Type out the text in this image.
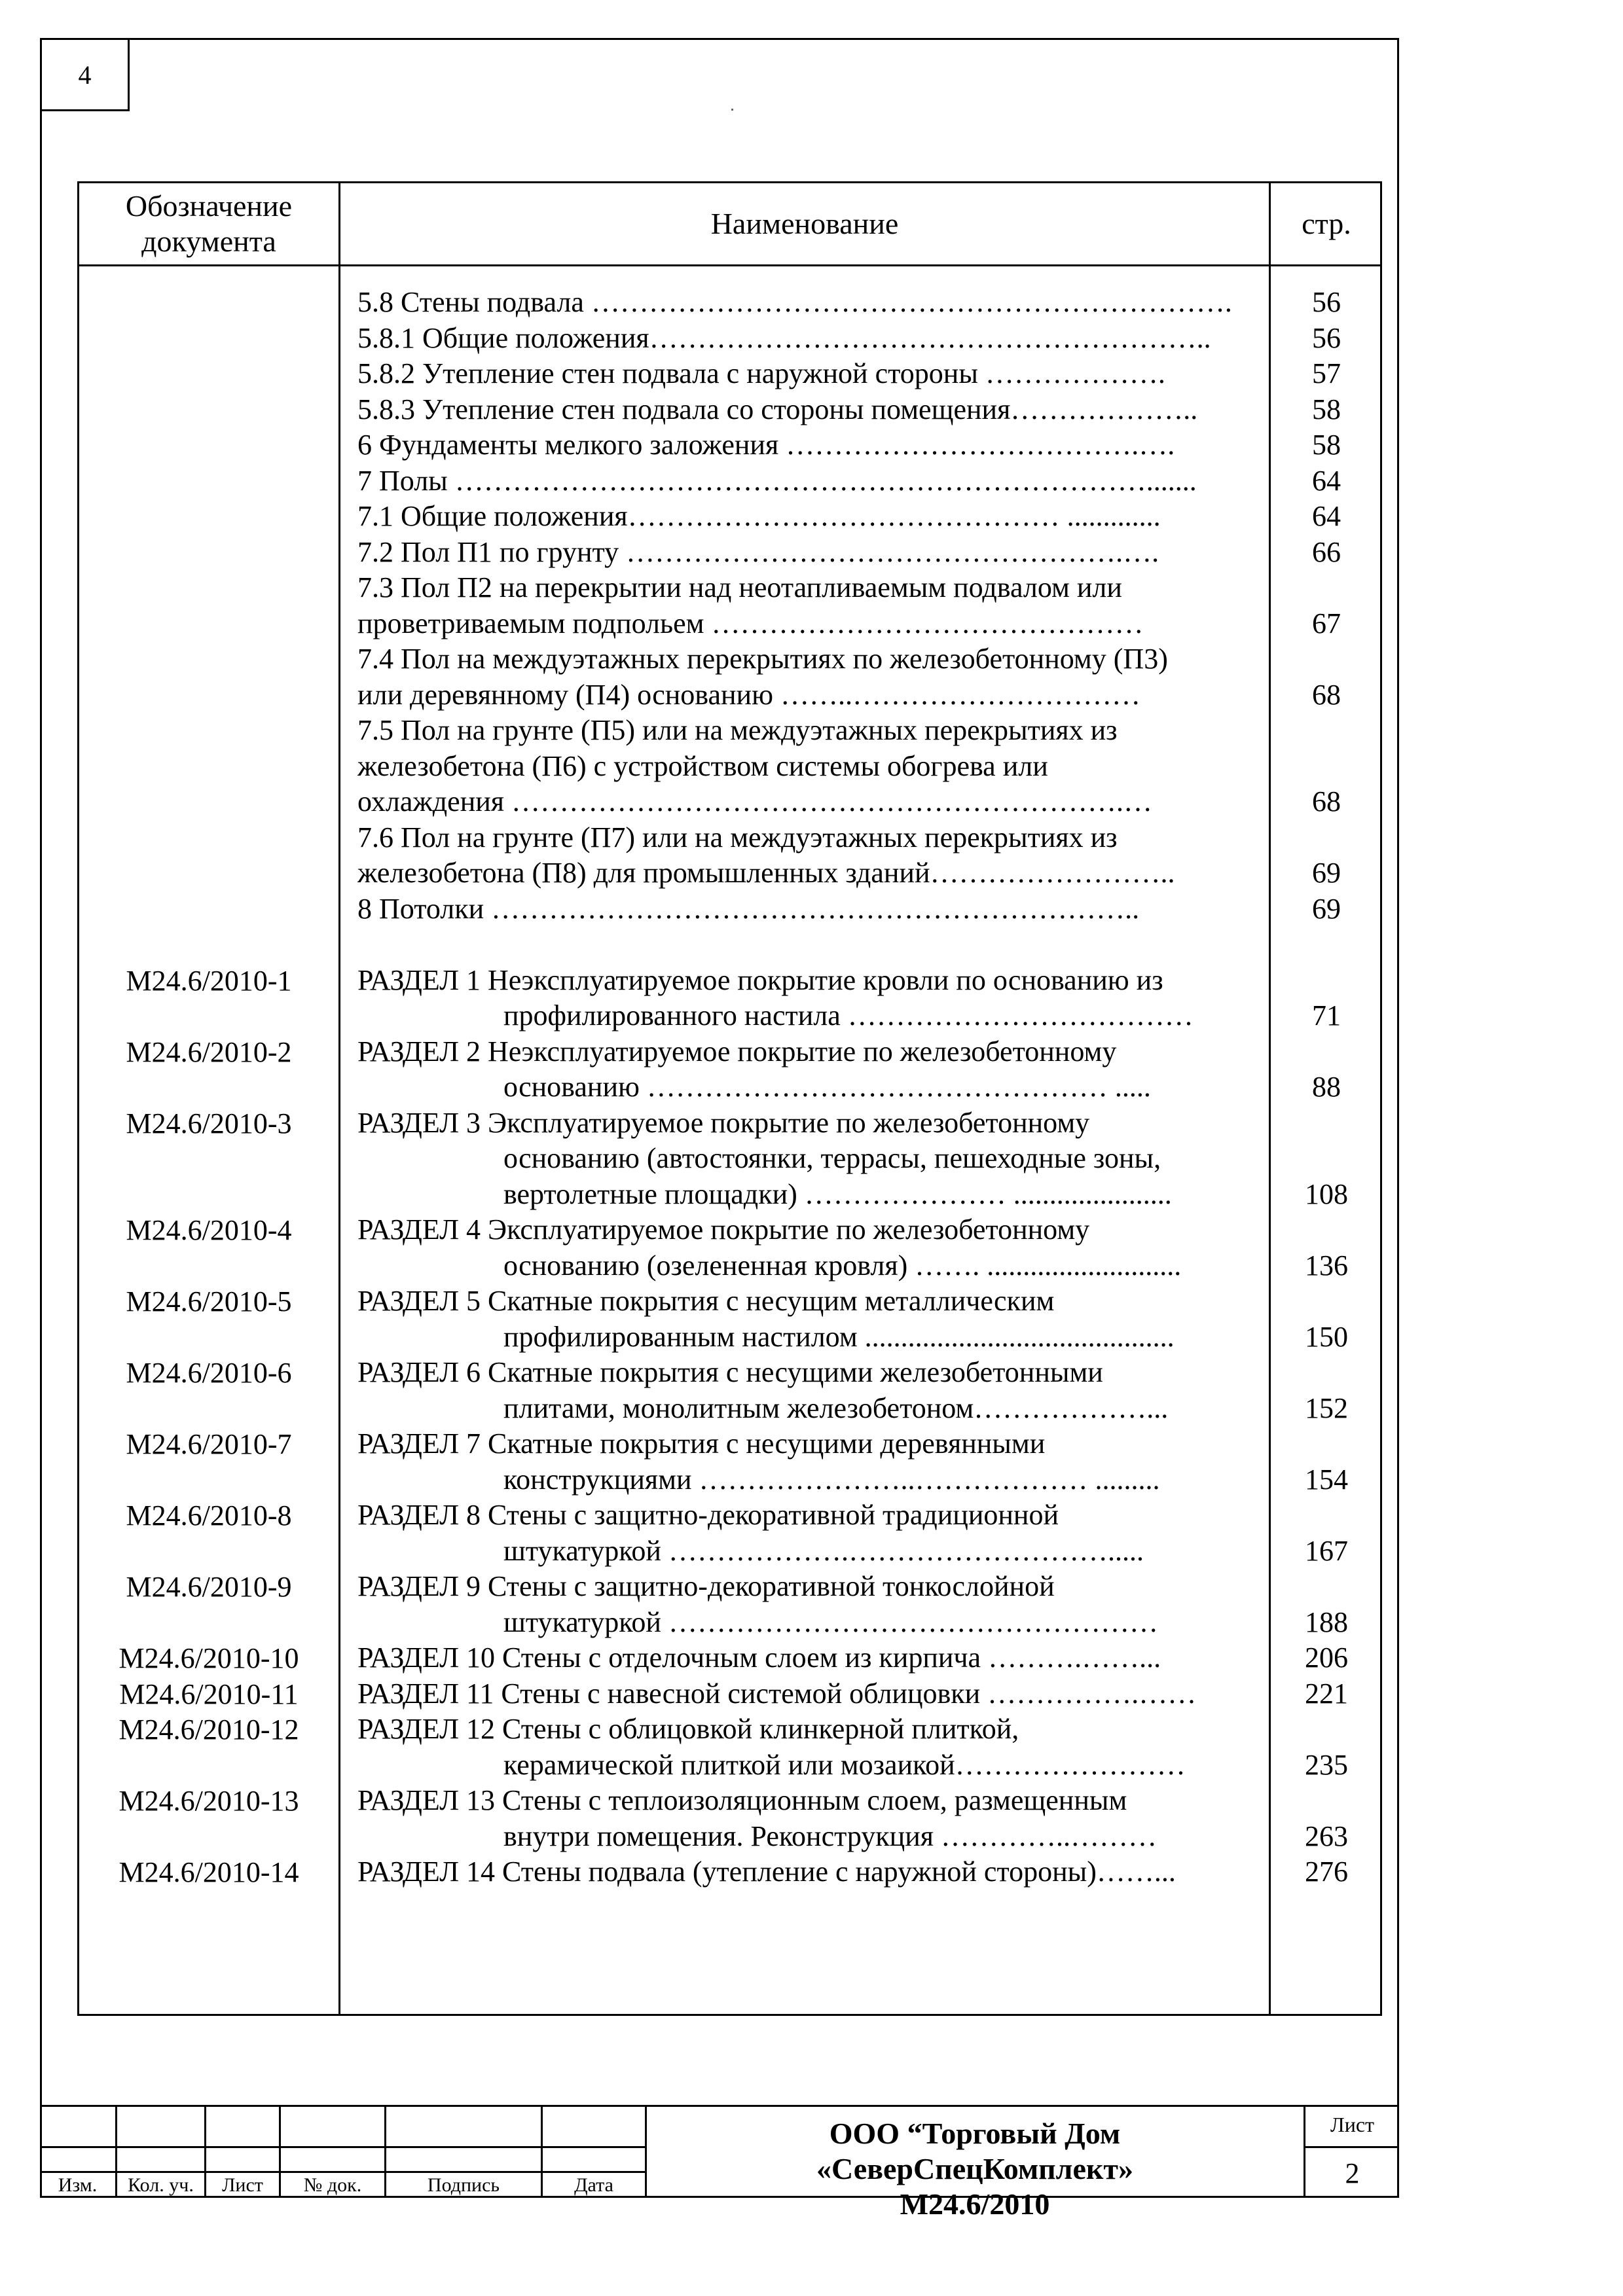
4
Обозначение документа
Наименование	стр.
5.8 Стены подвала ………………………………………………………….	56
5.8.1 Общие положения…………………………………………………..	56
5.8.2 Утепление стен подвала с наружной стороны ……………….	57
5.8.3 Утепление стен подвала со стороны помещения………………..	58
6 Фундаменты мелкого заложения ……………………………….….	58
7 Полы ……………………………………………………………….......	64
7.1 Общие положения……………………………………… .............	64
7.2 Пол П1 по грунту …………………………………………….….	66
7.3 Пол П2 на перекрытии над неотапливаемым подвалом или
проветриваемым подпольем ………………………………………	67
7.4 Пол на междуэтажных перекрытиях по железобетонному (П3)
или деревянному (П4) основанию ……..…………………………	68
7.5 Пол на грунте (П5) или на междуэтажных перекрытиях из
железобетона (П6) с устройством системы обогрева или
охлаждения ……………………………………………………….…	68
7.6 Пол на грунте (П7) или на междуэтажных перекрытиях из
железобетона (П8) для промышленных зданий……………………..	69
8 Потолки …………………………………………………………..	69
М24.6/2010-1	РАЗДЕЛ 1 Неэксплуатируемое покрытие кровли по основанию из
профилированного настила ………………………………	71
М24.6/2010-2	РАЗДЕЛ 2 Неэксплуатируемое покрытие по железобетонному
основанию ………………………………………… .....	88
М24.6/2010-3	РАЗДЕЛ 3 Эксплуатируемое покрытие по железобетонному
основанию (автостоянки, террасы, пешеходные зоны,
вертолетные площадки) ………………… ......................	108
М24.6/2010-4	РАЗДЕЛ 4 Эксплуатируемое покрытие по железобетонному
основанию (озелененная кровля) ……. ...........................	136
М24.6/2010-5	РАЗДЕЛ 5 Скатные покрытия с несущим металлическим
профилированным настилом ...........................................	150
М24.6/2010-6	РАЗДЕЛ 6 Скатные покрытия с несущими железобетонными
плитами, монолитным железобетоном………………...	152
М24.6/2010-7	РАЗДЕЛ 7 Скатные покрытия с несущими деревянными
конструкциями …………………..……………… .........	154
М24.6/2010-8	РАЗДЕЛ 8 Стены с защитно-декоративной традиционной
штукатуркой ……………….……………………….....	167
М24.6/2010-9	РАЗДЕЛ 9 Стены с защитно-декоративной тонкослойной
штукатуркой ……………………………………………	188
М24.6/2010-10	РАЗДЕЛ 10 Стены с отделочным слоем из кирпича ……….……...	206
М24.6/2010-11	РАЗДЕЛ 11 Стены с навесной системой облицовки …………….……	221
М24.6/2010-12	РАЗДЕЛ 12 Стены с облицовкой клинкерной плиткой,
керамической плиткой или мозаикой……………………	235
М24.6/2010-13	РАЗДЕЛ 13 Стены с теплоизоляционным слоем, размещенным
внутри помещения. Реконструкция …………..………	263
М24.6/2010-14	РАЗДЕЛ 14 Стены подвала (утепление с наружной стороны)……...	276
Изм.	Кол. уч.	Лист	№ док.	Подпись	Дата
ООО “Торговый Дом
«СеверСпецКомплект»
М24.6/2010
Лист
2
